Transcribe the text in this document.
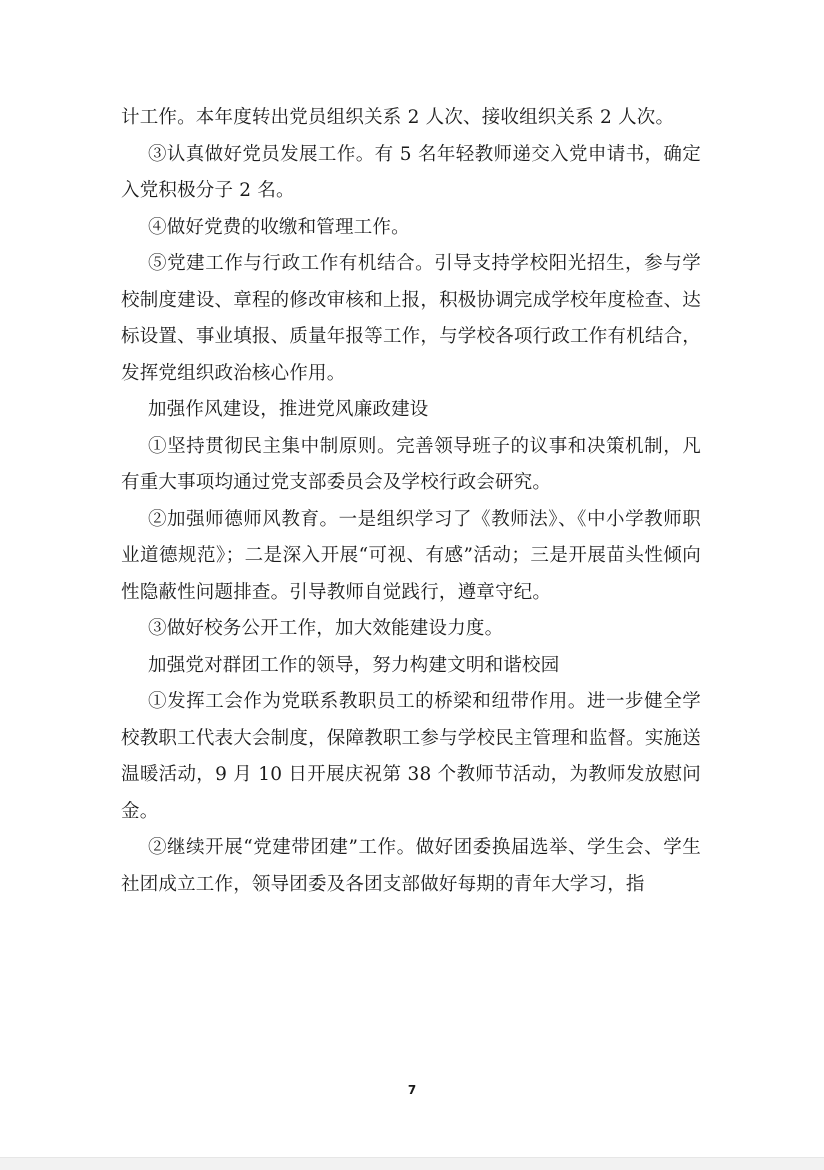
计工作。本年度转出党员组织关系 2 人次、接收组织关系 2 人次。

③认真做好党员发展工作。有 5 名年轻教师递交入党申请书，确定入党积极分子 2 名。

④做好党费的收缴和管理工作。

⑤党建工作与行政工作有机结合。引导支持学校阳光招生，参与学校制度建设、章程的修改审核和上报，积极协调完成学校年度检查、达标设置、事业填报、质量年报等工作，与学校各项行政工作有机结合，发挥党组织政治核心作用。

加强作风建设，推进党风廉政建设

①坚持贯彻民主集中制原则。完善领导班子的议事和决策机制，凡有重大事项均通过党支部委员会及学校行政会研究。

②加强师德师风教育。一是组织学习了《教师法》、《中小学教师职业道德规范》；二是深入开展“可视、有感”活动；三是开展苗头性倾向性隐蔽性问题排查。引导教师自觉践行，遵章守纪。

③做好校务公开工作，加大效能建设力度。

加强党对群团工作的领导，努力构建文明和谐校园

①发挥工会作为党联系教职员工的桥梁和纽带作用。进一步健全学校教职工代表大会制度，保障教职工参与学校民主管理和监督。实施送温暖活动，9 月 10 日开展庆祝第 38 个教师节活动，为教师发放慰问金。

②继续开展“党建带团建”工作。做好团委换届选举、学生会、学生社团成立工作，领导团委及各团支部做好每期的青年大学习，指

7
